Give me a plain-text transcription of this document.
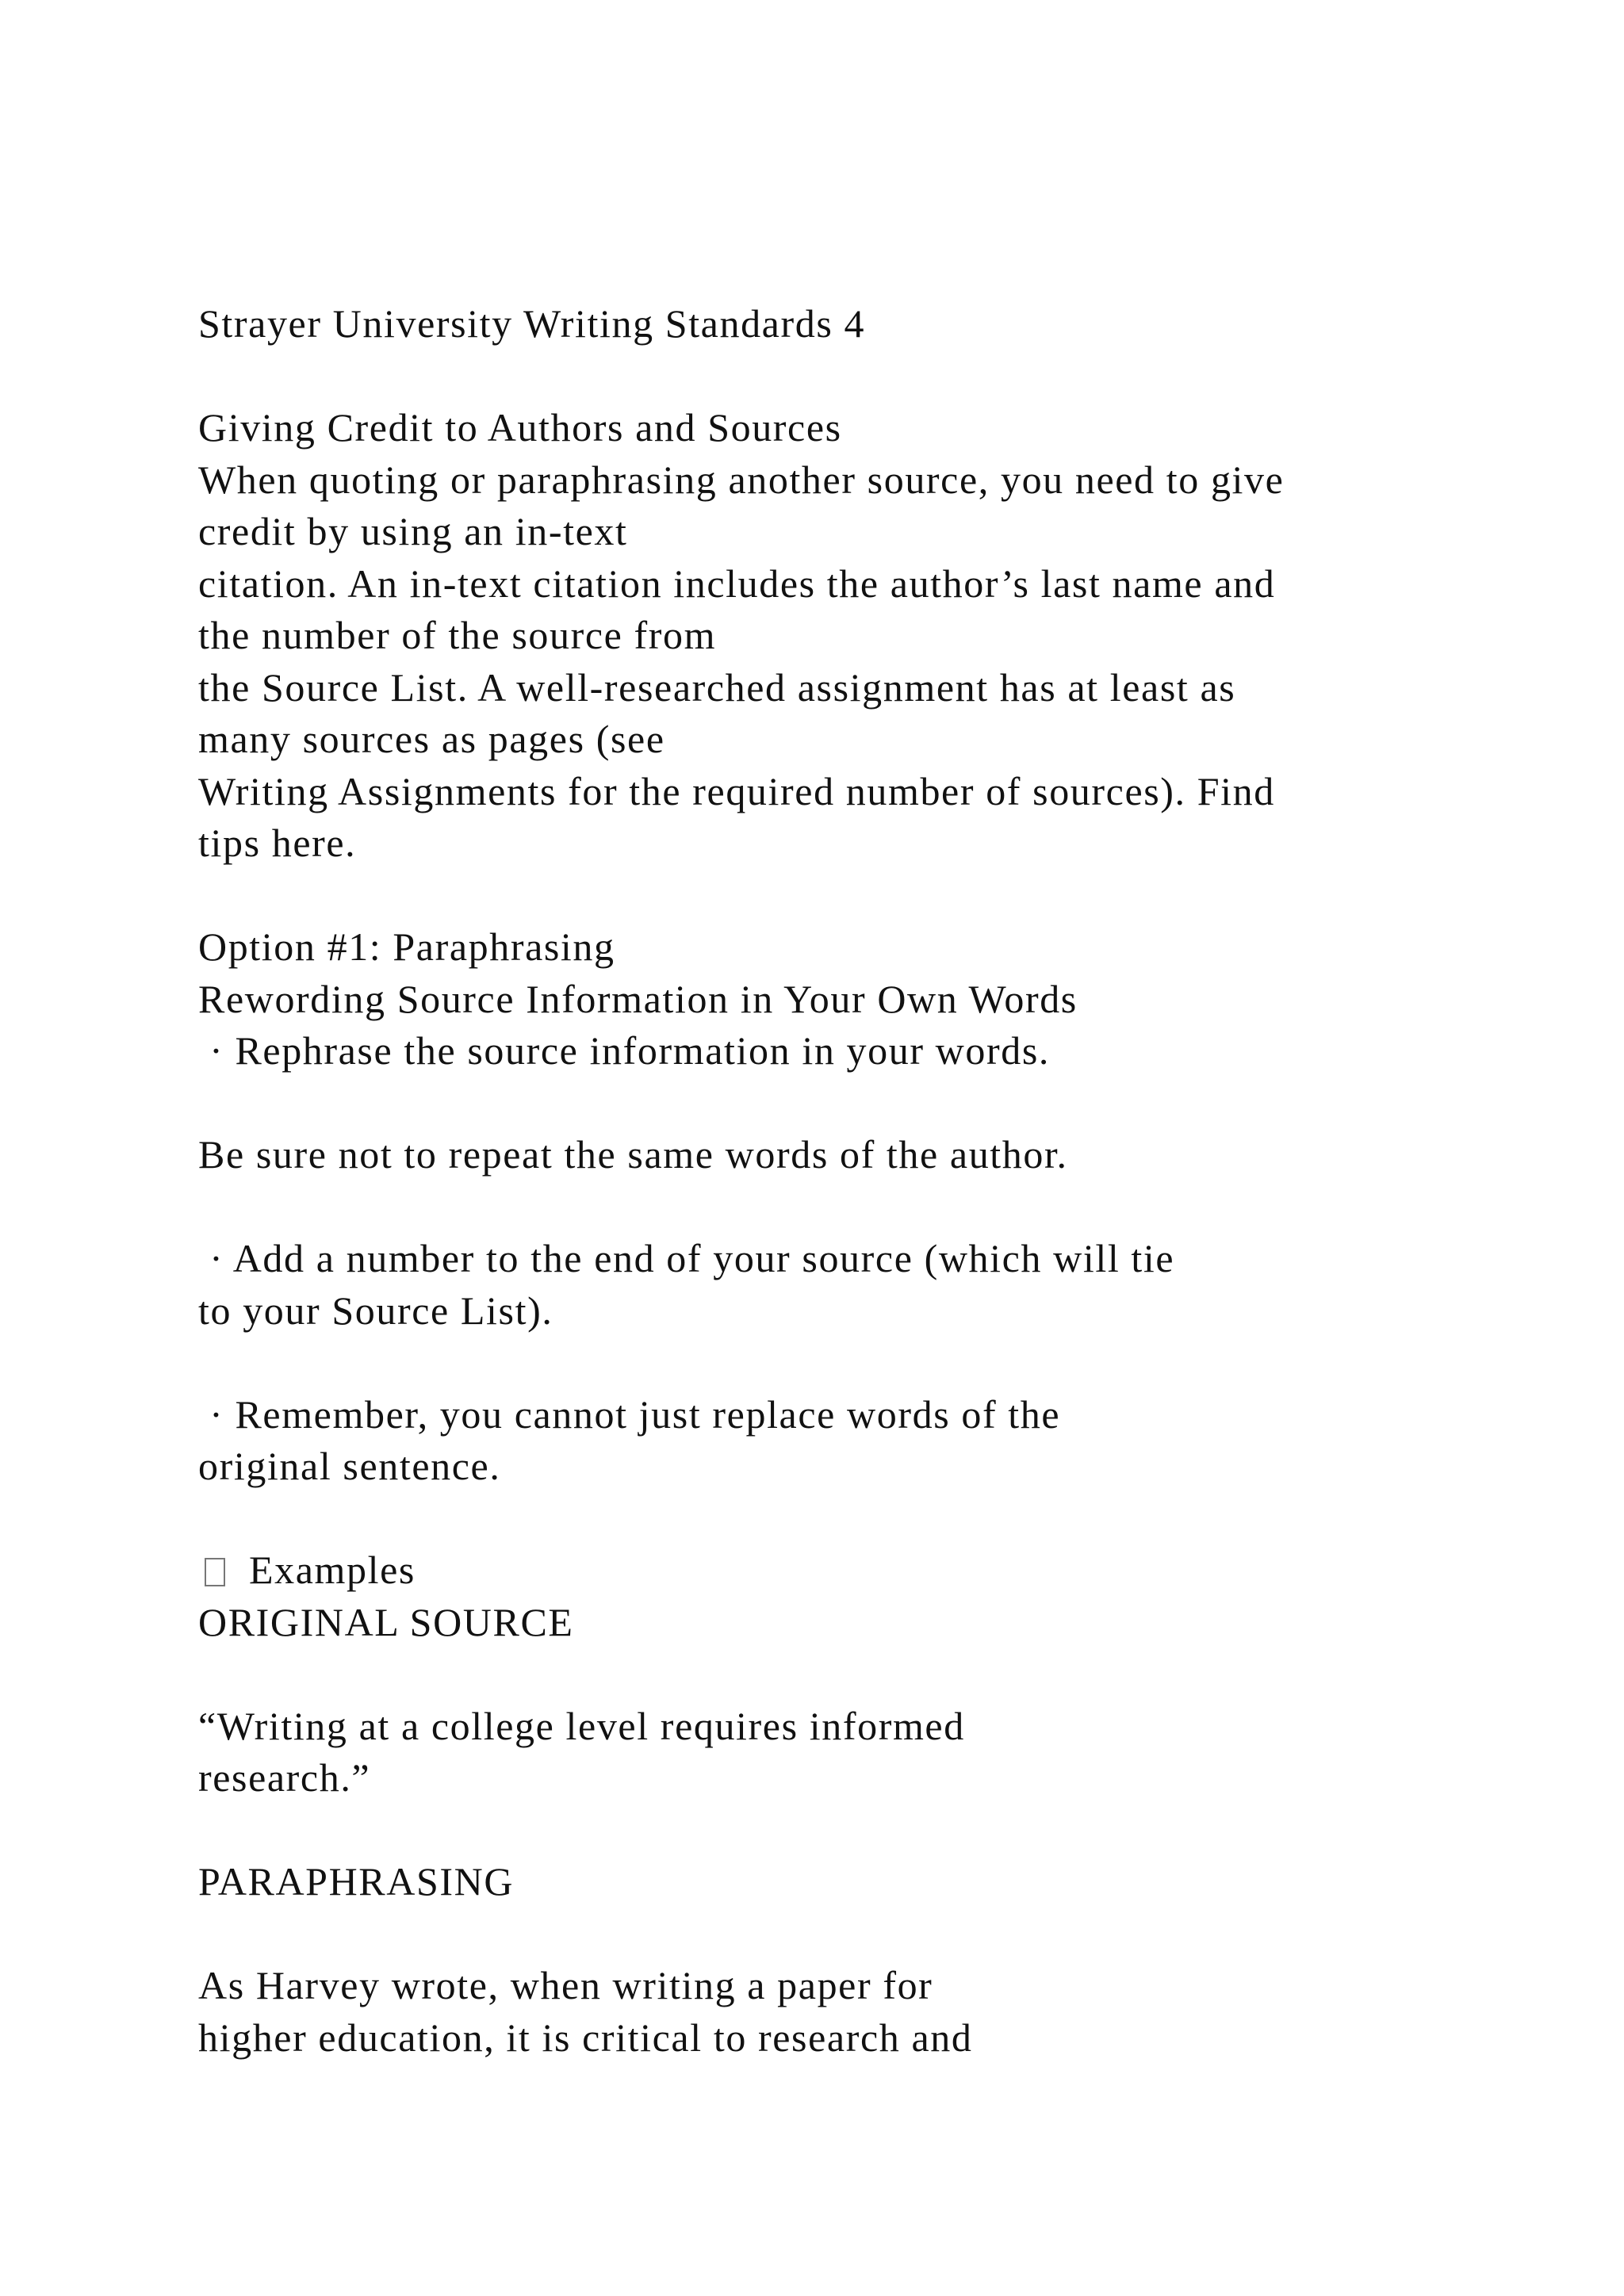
Strayer University Writing Standards 4
Giving Credit to Authors and Sources
When quoting or paraphrasing another source, you need to give
credit by using an in-text
citation. An in-text citation includes the author’s last name and
the number of the source from
the Source List. A well-researched assignment has at least as
many sources as pages (see
Writing Assignments for the required number of sources). Find
tips here.
Option #1: Paraphrasing
Rewording Source Information in Your Own Words
· Rephrase the source information in your words.
Be sure not to repeat the same words of the author.
· Add a number to the end of your source (which will tie
to your Source List).
· Remember, you cannot just replace words of the
original sentence.
Examples
ORIGINAL SOURCE
“Writing at a college level requires informed
research.”
PARAPHRASING
As Harvey wrote, when writing a paper for
higher education, it is critical to research and
